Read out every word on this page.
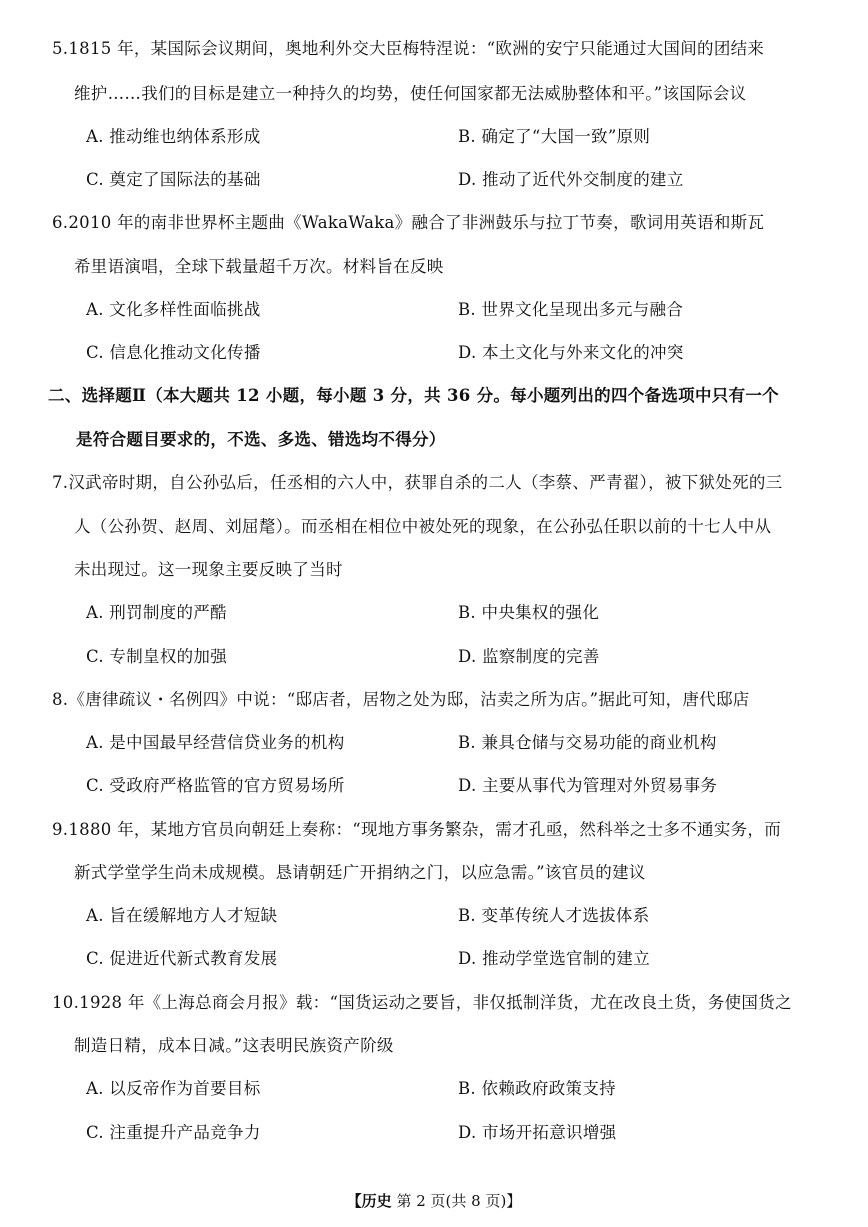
5.1815 年，某国际会议期间，奥地利外交大臣梅特涅说：“欧洲的安宁只能通过大国间的团结来
维护……我们的目标是建立一种持久的均势，使任何国家都无法威胁整体和平。”该国际会议
A. 推动维也纳体系形成	B. 确定了“大国一致”原则
C. 奠定了国际法的基础	D. 推动了近代外交制度的建立
6.2010 年的南非世界杯主题曲《WakaWaka》融合了非洲鼓乐与拉丁节奏，歌词用英语和斯瓦
希里语演唱，全球下载量超千万次。材料旨在反映
A. 文化多样性面临挑战	B. 世界文化呈现出多元与融合
C. 信息化推动文化传播	D. 本土文化与外来文化的冲突
二、选择题Ⅱ（本大题共 12 小题，每小题 3 分，共 36 分。每小题列出的四个备选项中只有一个
是符合题目要求的，不选、多选、错选均不得分）
7.汉武帝时期，自公孙弘后，任丞相的六人中，获罪自杀的二人（李蔡、严青翟），被下狱处死的三
人（公孙贺、赵周、刘屈氂）。而丞相在相位中被处死的现象，在公孙弘任职以前的十七人中从
未出现过。这一现象主要反映了当时
A. 刑罚制度的严酷	B. 中央集权的强化
C. 专制皇权的加强	D. 监察制度的完善
8.《唐律疏议・名例四》中说：“邸店者，居物之处为邸，沽卖之所为店。”据此可知，唐代邸店
A. 是中国最早经营信贷业务的机构	B. 兼具仓储与交易功能的商业机构
C. 受政府严格监管的官方贸易场所	D. 主要从事代为管理对外贸易事务
9.1880 年，某地方官员向朝廷上奏称：“现地方事务繁杂，需才孔亟，然科举之士多不通实务，而
新式学堂学生尚未成规模。恳请朝廷广开捐纳之门，以应急需。”该官员的建议
A. 旨在缓解地方人才短缺	B. 变革传统人才选拔体系
C. 促进近代新式教育发展	D. 推动学堂选官制的建立
10.1928 年《上海总商会月报》载：“国货运动之要旨，非仅抵制洋货，尤在改良土货，务使国货之
制造日精，成本日减。”这表明民族资产阶级
A. 以反帝作为首要目标	B. 依赖政府政策支持
C. 注重提升产品竞争力	D. 市场开拓意识增强
【历史 第 2 页(共 8 页)】
